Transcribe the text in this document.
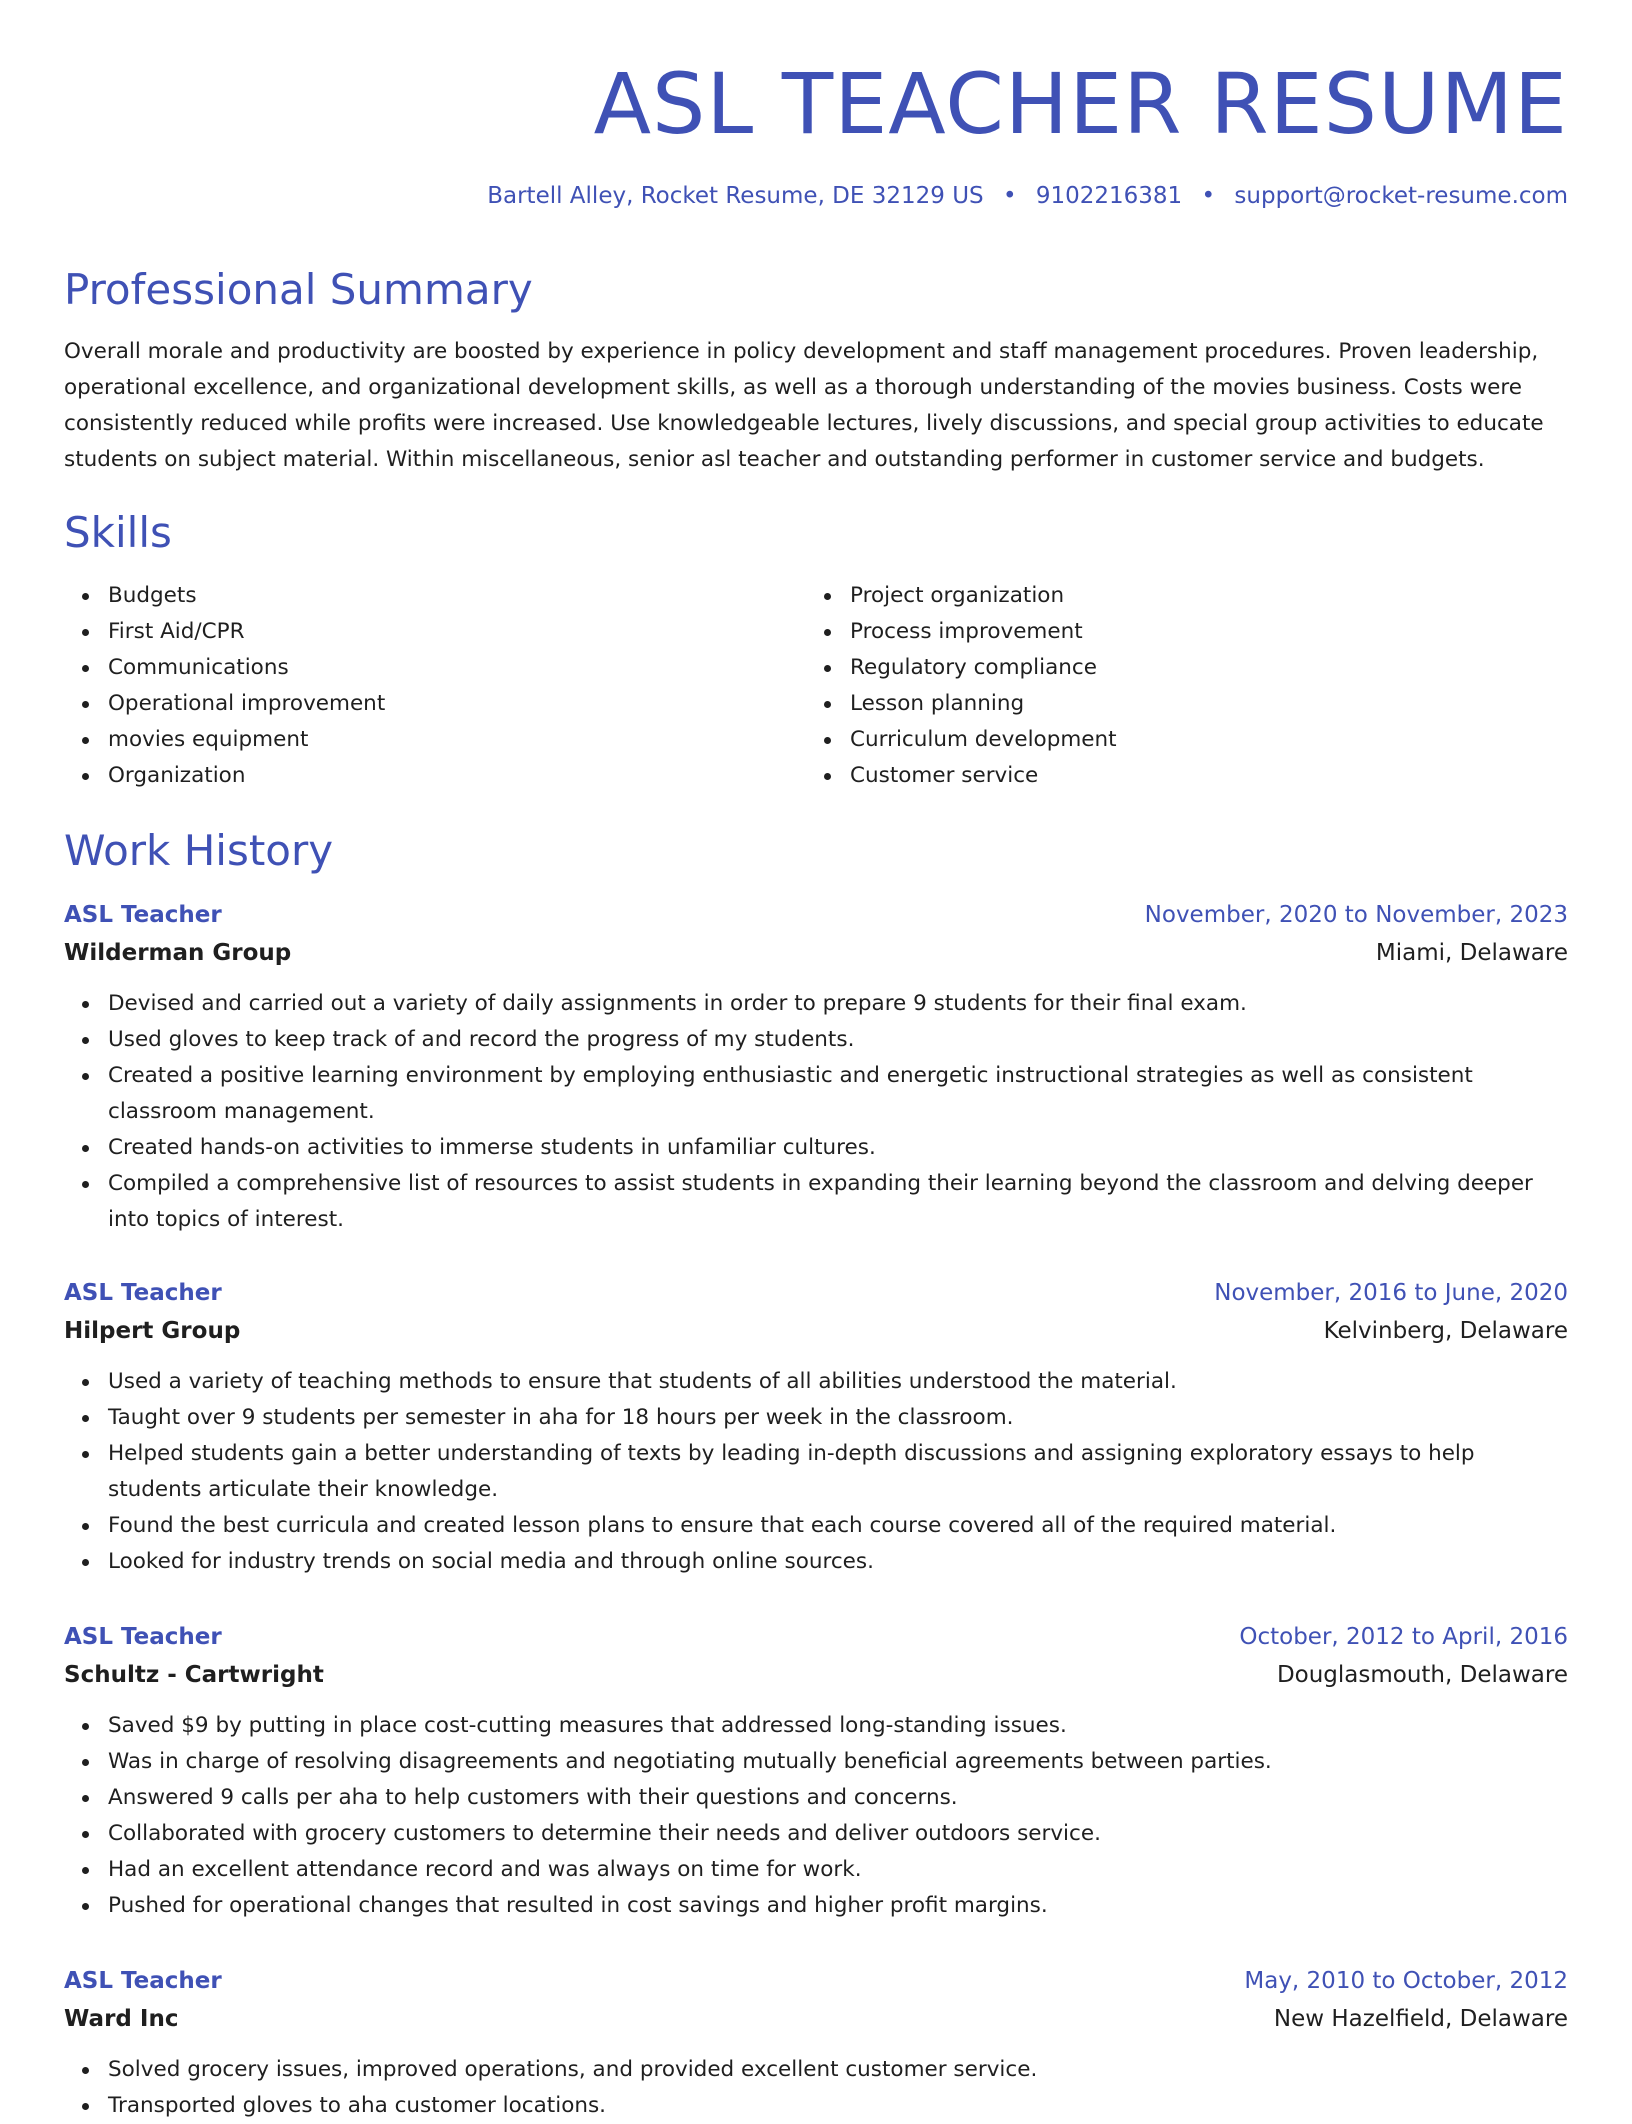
ASL TEACHER RESUME

Bartell Alley, Rocket Resume, DE 32129 US • 9102216381 • support@rocket-resume.com

Professional Summary

Overall morale and productivity are boosted by experience in policy development and staff management procedures. Proven leadership, operational excellence, and organizational development skills, as well as a thorough understanding of the movies business. Costs were consistently reduced while profits were increased. Use knowledgeable lectures, lively discussions, and special group activities to educate students on subject material. Within miscellaneous, senior asl teacher and outstanding performer in customer service and budgets.

Skills
Budgets
First Aid/CPR
Communications
Operational improvement
movies equipment
Organization
Project organization
Process improvement
Regulatory compliance
Lesson planning
Curriculum development
Customer service
Work History
ASL Teacher	November, 2020 to November, 2023
Wilderman Group	Miami, Delaware
Devised and carried out a variety of daily assignments in order to prepare 9 students for their final exam.
Used gloves to keep track of and record the progress of my students.
Created a positive learning environment by employing enthusiastic and energetic instructional strategies as well as consistent classroom management.
Created hands-on activities to immerse students in unfamiliar cultures.
Compiled a comprehensive list of resources to assist students in expanding their learning beyond the classroom and delving deeper into topics of interest.
ASL Teacher	November, 2016 to June, 2020
Hilpert Group	Kelvinberg, Delaware
Used a variety of teaching methods to ensure that students of all abilities understood the material.
Taught over 9 students per semester in aha for 18 hours per week in the classroom.
Helped students gain a better understanding of texts by leading in-depth discussions and assigning exploratory essays to help students articulate their knowledge.
Found the best curricula and created lesson plans to ensure that each course covered all of the required material.
Looked for industry trends on social media and through online sources.
ASL Teacher	October, 2012 to April, 2016
Schultz - Cartwright	Douglasmouth, Delaware
Saved $9 by putting in place cost-cutting measures that addressed long-standing issues.
Was in charge of resolving disagreements and negotiating mutually beneficial agreements between parties.
Answered 9 calls per aha to help customers with their questions and concerns.
Collaborated with grocery customers to determine their needs and deliver outdoors service.
Had an excellent attendance record and was always on time for work.
Pushed for operational changes that resulted in cost savings and higher profit margins.
ASL Teacher	May, 2010 to October, 2012
Ward Inc	New Hazelfield, Delaware
Solved grocery issues, improved operations, and provided excellent customer service.
Transported gloves to aha customer locations.
